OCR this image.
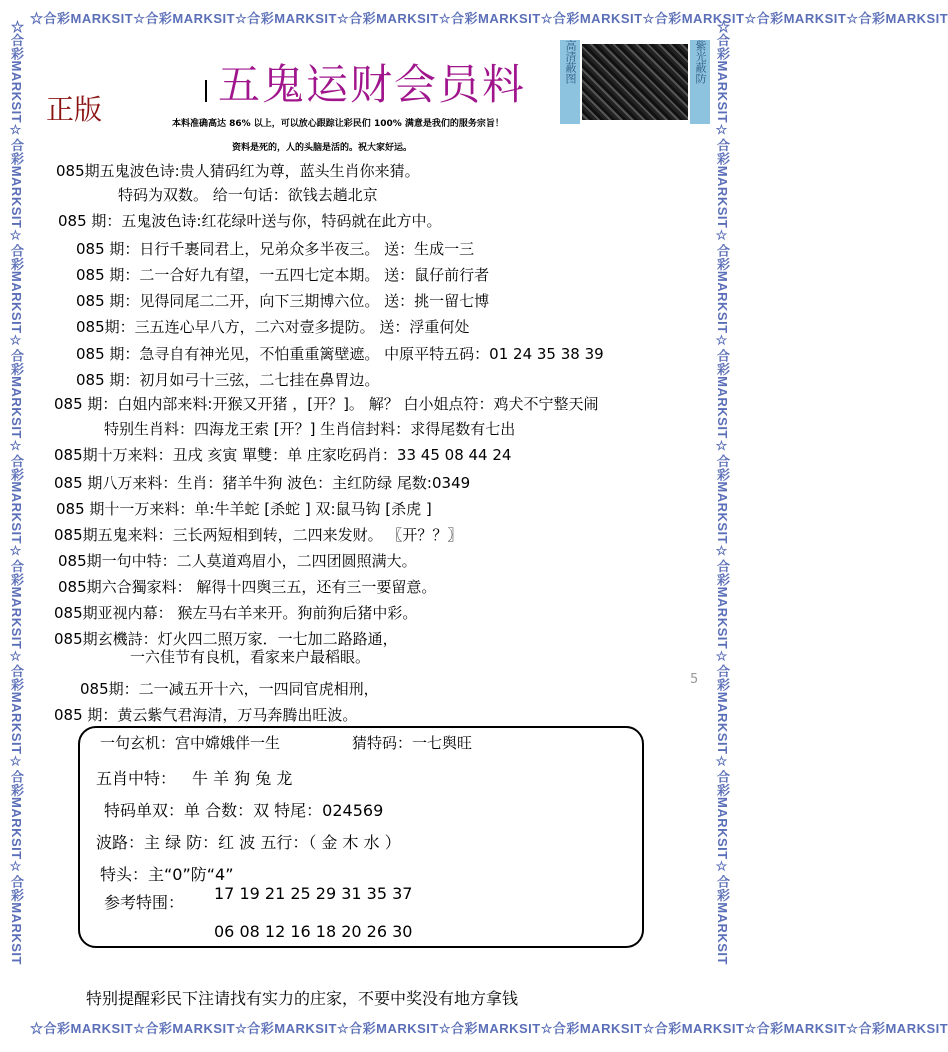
☆合彩MARKSIT☆合彩MARKSIT☆合彩MARKSIT☆合彩MARKSIT☆合彩MARKSIT☆合彩MARKSIT☆合彩MARKSIT☆合彩MARKSIT☆合彩MARKSIT
☆合彩MARKSIT☆合彩MARKSIT☆合彩MARKSIT☆合彩MARKSIT☆合彩MARKSIT☆合彩MARKSIT☆合彩MARKSIT☆合彩MARKSIT☆合彩MARKSIT
☆合彩MARKSIT☆合彩MARKSIT☆合彩MARKSIT☆合彩MARKSIT☆合彩MARKSIT☆合彩MARKSIT☆合彩MARKSIT☆合彩MARKSIT☆合彩MARKSIT	☆合彩MARKSIT☆合彩MARKSIT☆合彩MARKSIT☆合彩MARKSIT☆合彩MARKSIT☆合彩MARKSIT☆合彩MARKSIT☆合彩MARKSIT☆合彩MARKSIT
五鬼运财会员料
正版
高清蔽图	紫光蔽防
本料准确高达 86% 以上，可以放心跟踪让彩民们 100% 满意是我们的服务宗旨！
资料是死的，人的头脑是活的。祝大家好运。
085期五鬼波色诗:贵人猜码红为尊，蓝头生肖你来猜。
特码为双数。 给一句话：欲钱去趟北京
085 期：五鬼波色诗:红花绿叶送与你，特码就在此方中。
085 期：日行千裹同君上，兄弟众多半夜三。 送：生成一三
085 期：二一合好九有望，一五四七定本期。 送：鼠仔前行者
085 期：见得同尾二二开，向下三期博六位。 送：挑一留七博
085期：三五连心早八方，二六对壹多提防。 送：浮重何处
085 期：急寻自有神光见，不怕重重篱壁遮。 中原平特五码：01 24 35 38 39
085 期：初月如弓十三弦，二七挂在鼻胃边。
085 期：白姐内部来料:开猴又开猪 ，[开？]。 解？ 白小姐点符：鸡犬不宁整天闹
特别生肖料：四海龙王索 [开？] 生肖信封料：求得尾数有七出
085期十万来料：丑戌 亥寅 單雙：单 庄家吃码肖：33 45 08 44 24
085 期八万来料：生肖：猪羊牛狗 波色：主红防绿 尾数:0349
085 期十一万来料：单:牛羊蛇 [杀蛇 ] 双:鼠马钩 [杀虎 ]
085期五鬼来料：三长两短相到转，二四来发财。 〖开？？〗
085期一句中特：二人莫道鸡眉小，二四团圆照满大。
085期六合獨家料： 解得十四舆三五，还有三一要留意。
085期亚视内幕： 猴左马右羊来开。狗前狗后猪中彩。
085期玄機詩：灯火四二照万家．一七加二路路通，
一六佳节有良机，看家来户最稻眼。
085期：二一减五开十六，一四同官虎相刑，
085 期：黄云紫气君海清，万马奔腾出旺波。
5
一句玄机：宫中嫦娥伴一生	猜特码：一七舆旺
五肖中特： 牛 羊 狗 兔 龙
特码单双：单 合数：双 特尾：024569
波路：主 绿 防：红 波 五行：（ 金 木 水 ）
特头：主“0”防“4”
参考特围： 17 19 21 25 29 31 35 37
06 08 12 16 18 20 26 30
特别提醒彩民下注请找有实力的庄家，不要中奖没有地方拿钱
